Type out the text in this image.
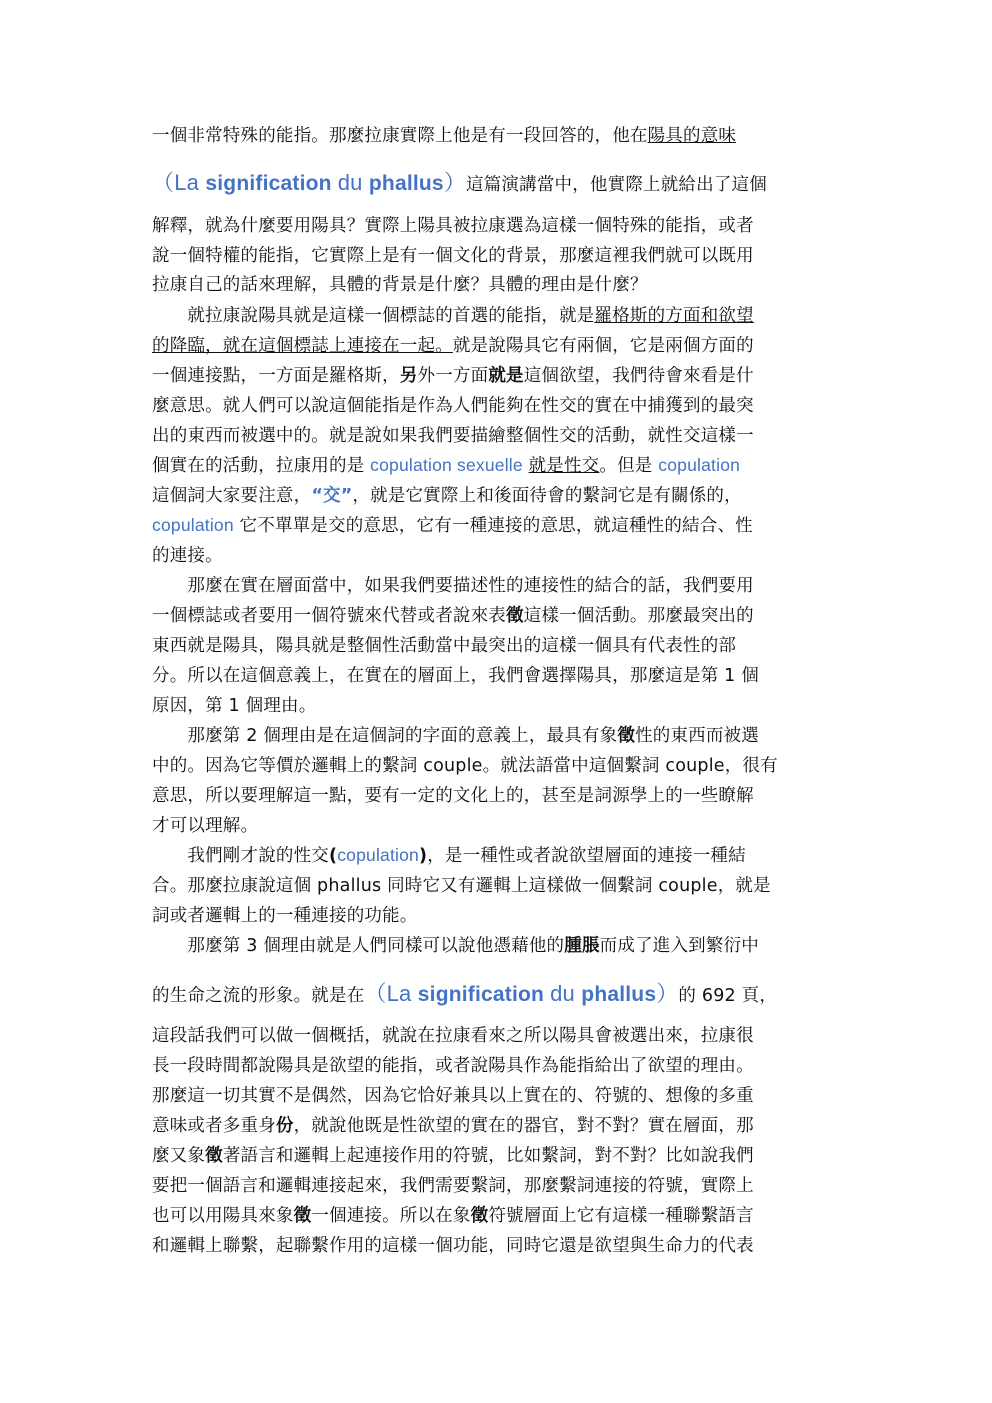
一個非常特殊的能指。那麼拉康實際上他是有一段回答的，他在陽具的意味
（La signification du phallus）這篇演講當中，他實際上就給出了這個
解釋，就為什麼要用陽具？實際上陽具被拉康選為這樣一個特殊的能指，或者
說一個特權的能指，它實際上是有一個文化的背景，那麼這裡我們就可以既用
拉康自己的話來理解，具體的背景是什麼？具體的理由是什麼？
　　就拉康說陽具就是這樣一個標誌的首選的能指，就是羅格斯的方面和欲望
的降臨，就在這個標誌上連接在一起。就是說陽具它有兩個，它是兩個方面的
一個連接點，一方面是羅格斯，另外一方面就是這個欲望，我們待會來看是什
麼意思。就人們可以說這個能指是作為人們能夠在性交的實在中捕獲到的最突
出的東西而被選中的。就是說如果我們要描繪整個性交的活動，就性交這樣一
個實在的活動，拉康用的是 copulation sexuelle 就是性交。但是 copulation
這個詞大家要注意，“交”，就是它實際上和後面待會的繫詞它是有關係的，
copulation 它不單單是交的意思，它有一種連接的意思，就這種性的結合、性
的連接。
　　那麼在實在層面當中，如果我們要描述性的連接性的結合的話，我們要用
一個標誌或者要用一個符號來代替或者說來表徵這樣一個活動。那麼最突出的
東西就是陽具，陽具就是整個性活動當中最突出的這樣一個具有代表性的部
分。所以在這個意義上，在實在的層面上，我們會選擇陽具，那麼這是第 1 個
原因，第 1 個理由。
　　那麼第 2 個理由是在這個詞的字面的意義上，最具有象徵性的東西而被選
中的。因為它等價於邏輯上的繫詞 couple。就法語當中這個繫詞 couple，很有
意思，所以要理解這一點，要有一定的文化上的，甚至是詞源學上的一些瞭解
才可以理解。
　　我們剛才說的性交(copulation)，是一種性或者說欲望層面的連接一種結
合。那麼拉康說這個 phallus 同時它又有邏輯上這樣做一個繫詞 couple，就是
詞或者邏輯上的一種連接的功能。
　　那麼第 3 個理由就是人們同樣可以說他憑藉他的腫脹而成了進入到繁衍中
的生命之流的形象。就是在（La signification du phallus）的 692 頁，
這段話我們可以做一個概括，就說在拉康看來之所以陽具會被選出來，拉康很
長一段時間都說陽具是欲望的能指，或者說陽具作為能指給出了欲望的理由。
那麼這一切其實不是偶然，因為它恰好兼具以上實在的、符號的、想像的多重
意味或者多重身份，就說他既是性欲望的實在的器官，對不對？實在層面，那
麼又象徵著語言和邏輯上起連接作用的符號，比如繫詞，對不對？比如說我們
要把一個語言和邏輯連接起來，我們需要繫詞，那麼繫詞連接的符號，實際上
也可以用陽具來象徵一個連接。所以在象徵符號層面上它有這樣一種聯繫語言
和邏輯上聯繫，起聯繫作用的這樣一個功能，同時它還是欲望與生命力的代表
